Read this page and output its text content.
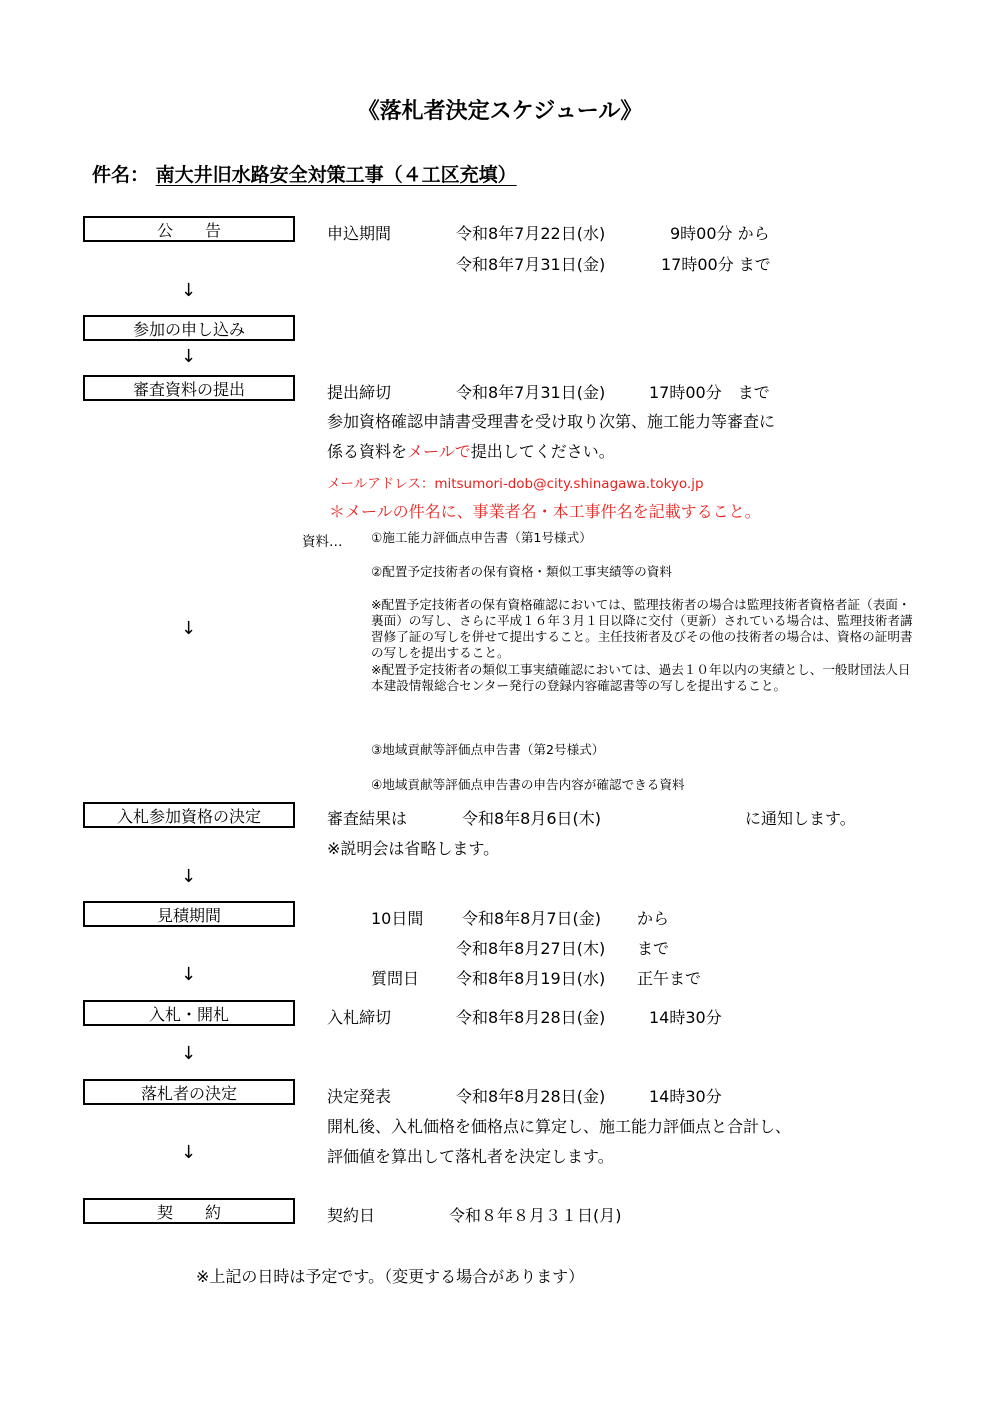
《落札者決定スケジュール》
件名： 南大井旧水路安全対策工事（４工区充填）
公　　告	申込期間	令和8年7月22日(水)	9時00分 から
令和8年7月31日(金)	17時00分 まで
↓
参加の申し込み
↓
審査資料の提出	提出締切	令和8年7月31日(金)	17時00分　まで
参加資格確認申請書受理書を受け取り次第、施工能力等審査に
係る資料をメールで提出してください。
メールアドレス：mitsumori-dob@city.shinagawa.tokyo.jp
＊メールの件名に、事業者名・本工事件名を記載すること。
資料… ①施工能力評価点申告書（第1号様式）
②配置予定技術者の保有資格・類似工事実績等の資料
※配置予定技術者の保有資格確認においては、監理技術者の場合は監理技術者資格者証（表面・裏面）の写し、さらに平成１６年３月１日以降に交付（更新）されている場合は、監理技術者講習修了証の写しを併せて提出すること。主任技術者及びその他の技術者の場合は、資格の証明書の写しを提出すること。
※配置予定技術者の類似工事実績確認においては、過去１０年以内の実績とし、一般財団法人日本建設情報総合センター発行の登録内容確認書等の写しを提出すること。
③地域貢献等評価点申告書（第2号様式）
④地域貢献等評価点申告書の申告内容が確認できる資料
↓
入札参加資格の決定	審査結果は	令和8年8月6日(木)	に通知します。
※説明会は省略します。
↓
見積期間	10日間 令和8年8月7日(金) から
令和8年8月27日(木) まで
質問日 令和8年8月19日(水) 正午まで
↓
入札・開札	入札締切	令和8年8月28日(金)	14時30分
↓
落札者の決定	決定発表	令和8年8月28日(金)	14時30分
開札後、入札価格を価格点に算定し、施工能力評価点と合計し、
評価値を算出して落札者を決定します。
↓
契　　約	契約日	令和８年８月３１日(月)
※上記の日時は予定です。（変更する場合があります）
